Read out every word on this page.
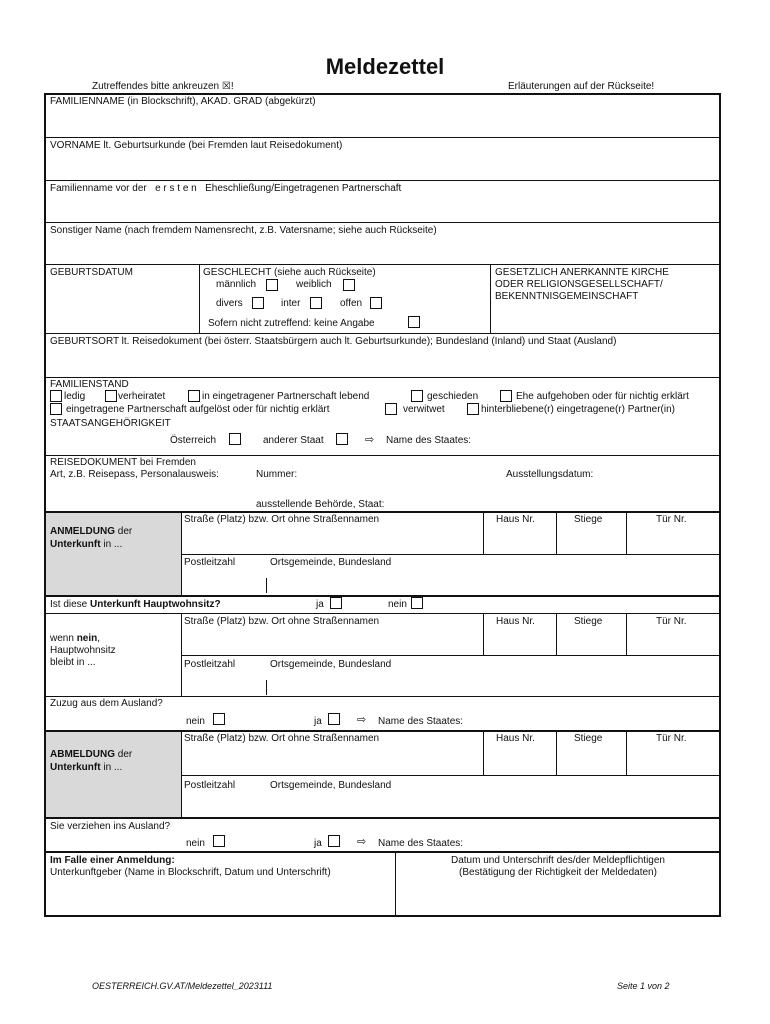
Meldezettel
Zutreffendes bitte ankreuzen ☒!	Erläuterungen auf der Rückseite!
FAMILIENNAME (in Blockschrift), AKAD. GRAD (abgekürzt)
VORNAME lt. Geburtsurkunde (bei Fremden laut Reisedokument)
Familienname vor der e r s t e n Eheschließung/Eingetragenen Partnerschaft
Sonstiger Name (nach fremdem Namensrecht, z.B. Vatersname; siehe auch Rückseite)
GEBURTSDATUM	GESCHLECHT (siehe auch Rückseite)
männlich	weiblich
divers	inter	offen
Sofern nicht zutreffend: keine Angabe
GESETZLICH ANERKANNTE KIRCHE
ODER RELIGIONSGESELLSCHAFT/
BEKENNTNISGEMEINSCHAFT
GEBURTSORT lt. Reisedokument (bei österr. Staatsbürgern auch lt. Geburtsurkunde); Bundesland (Inland) und Staat (Ausland)
FAMILIENSTAND
ledig	verheiratet	in eingetragener Partnerschaft lebend	geschieden	Ehe aufgehoben oder für nichtig erklärt
eingetragene Partnerschaft aufgelöst oder für nichtig erklärt	verwitwet	hinterbliebene(r) eingetragene(r) Partner(in)
STAATSANGEHÖRIGKEIT
Österreich	anderer Staat	⇨ Name des Staates:
REISEDOKUMENT bei Fremden
Art, z.B. Reisepass, Personalausweis:	Nummer:	Ausstellungsdatum:
ausstellende Behörde, Staat:
ANMELDUNG der
Unterkunft in ...
Straße (Platz) bzw. Ort ohne Straßennamen	Haus Nr.	Stiege	Tür Nr.
Postleitzahl	Ortsgemeinde, Bundesland
Ist diese Unterkunft Hauptwohnsitz?	ja	nein
wenn nein,
Hauptwohnsitz
bleibt in ...
Straße (Platz) bzw. Ort ohne Straßennamen	Haus Nr.	Stiege	Tür Nr.
Postleitzahl	Ortsgemeinde, Bundesland
Zuzug aus dem Ausland?
nein	ja	⇨ Name des Staates:
ABMELDUNG der
Unterkunft in ...
Straße (Platz) bzw. Ort ohne Straßennamen	Haus Nr.	Stiege	Tür Nr.
Postleitzahl	Ortsgemeinde, Bundesland
Sie verziehen ins Ausland?
nein	ja	⇨ Name des Staates:
Im Falle einer Anmeldung:
Unterkunftgeber (Name in Blockschrift, Datum und Unterschrift)
Datum und Unterschrift des/der Meldepflichtigen
(Bestätigung der Richtigkeit der Meldedaten)
OESTERREICH.GV.AT/Meldezettel_2023111	Seite 1 von 2
